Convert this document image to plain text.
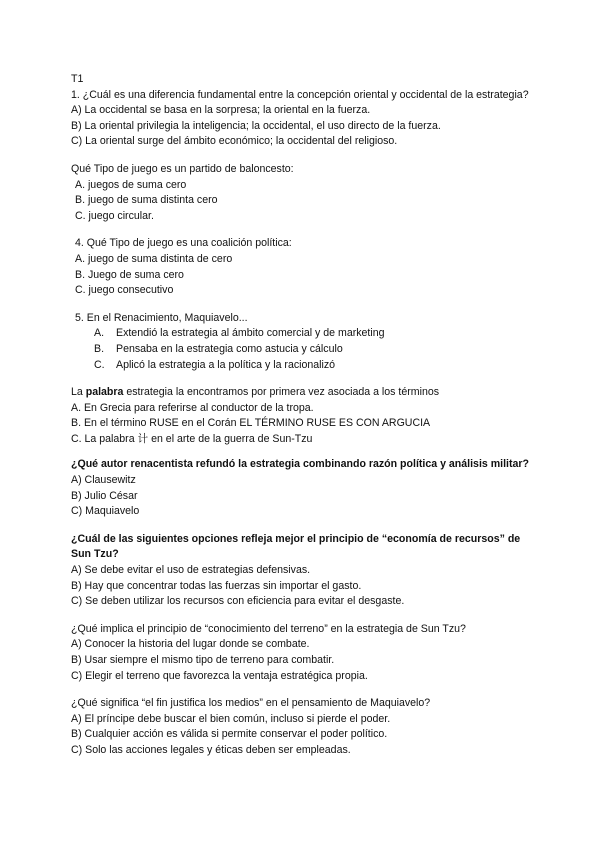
T1
1. ¿Cuál es una diferencia fundamental entre la concepción oriental y occidental de la estrategia?
A) La occidental se basa en la sorpresa; la oriental en la fuerza.
B) La oriental privilegia la inteligencia; la occidental, el uso directo de la fuerza.
C) La oriental surge del ámbito económico; la occidental del religioso.
Qué Tipo de juego es un partido de baloncesto:
A. juegos de suma cero
B. juego de suma distinta cero
C. juego circular.
4. Qué Tipo de juego es una coalición política:
A. juego de suma distinta de cero
B. Juego de suma cero
C. juego consecutivo
5. En el Renacimiento, Maquiavelo...
A. Extendió la estrategia al ámbito comercial y de marketing
B. Pensaba en la estrategia como astucia y cálculo
C. Aplicó la estrategia a la política y la racionalizó
La palabra estrategia la encontramos por primera vez asociada a los términos
A. En Grecia para referirse al conductor de la tropa.
B. En el término RUSE en el Corán EL TÉRMINO RUSE ES CON ARGUCIA
C. La palabra 计 en el arte de la guerra de Sun-Tzu
¿Qué autor renacentista refundó la estrategia combinando razón política y análisis militar?
A) Clausewitz
B) Julio César
C) Maquiavelo
¿Cuál de las siguientes opciones refleja mejor el principio de “economía de recursos” de Sun Tzu?
A) Se debe evitar el uso de estrategias defensivas.
B) Hay que concentrar todas las fuerzas sin importar el gasto.
C) Se deben utilizar los recursos con eficiencia para evitar el desgaste.
¿Qué implica el principio de “conocimiento del terreno” en la estrategia de Sun Tzu?
A) Conocer la historia del lugar donde se combate.
B) Usar siempre el mismo tipo de terreno para combatir.
C) Elegir el terreno que favorezca la ventaja estratégica propia.
¿Qué significa “el fin justifica los medios” en el pensamiento de Maquiavelo?
A) El príncipe debe buscar el bien común, incluso si pierde el poder.
B) Cualquier acción es válida si permite conservar el poder político.
C) Solo las acciones legales y éticas deben ser empleadas.
